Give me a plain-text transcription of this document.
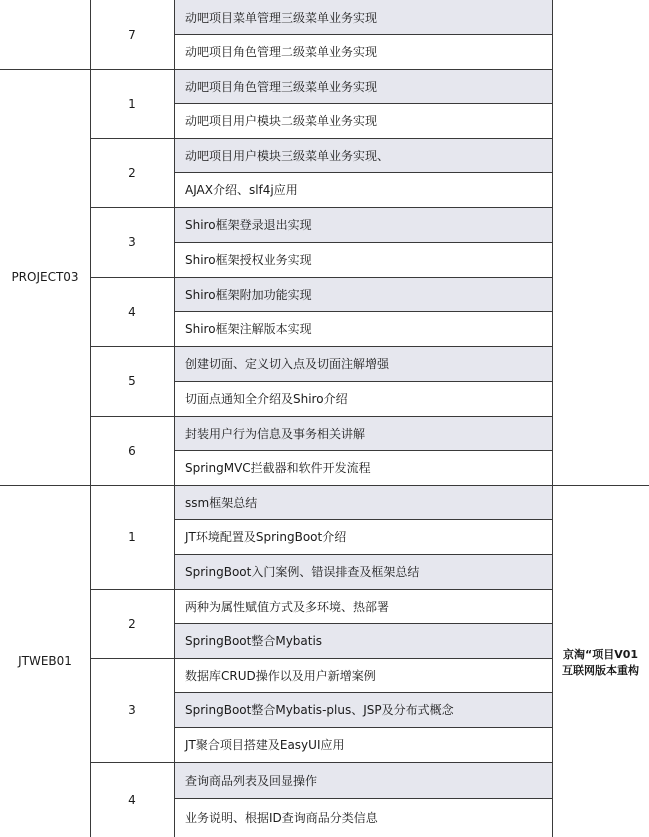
7
动吧项目菜单管理三级菜单业务实现
动吧项目角色管理二级菜单业务实现
PROJECT03
1
动吧项目角色管理三级菜单业务实现
动吧项目用户模块二级菜单业务实现
2
动吧项目用户模块三级菜单业务实现、
AJAX介绍、slf4j应用
3
Shiro框架登录退出实现
Shiro框架授权业务实现
4
Shiro框架附加功能实现
Shiro框架注解版本实现
5
创建切面、定义切入点及切面注解增强
切面点通知全介绍及Shiro介绍
6
封装用户行为信息及事务相关讲解
SpringMVC拦截器和软件开发流程
JTWEB01
1
ssm框架总结
JT环境配置及SpringBoot介绍
SpringBoot入门案例、错误排查及框架总结
2
两种为属性赋值方式及多环境、热部署
SpringBoot整合Mybatis
3
数据库CRUD操作以及用户新增案例
SpringBoot整合Mybatis-plus、JSP及分布式概念
JT聚合项目搭建及EasyUI应用
4
查询商品列表及回显操作
业务说明、根据ID查询商品分类信息
京淘“项目V01
互联网版本重构
